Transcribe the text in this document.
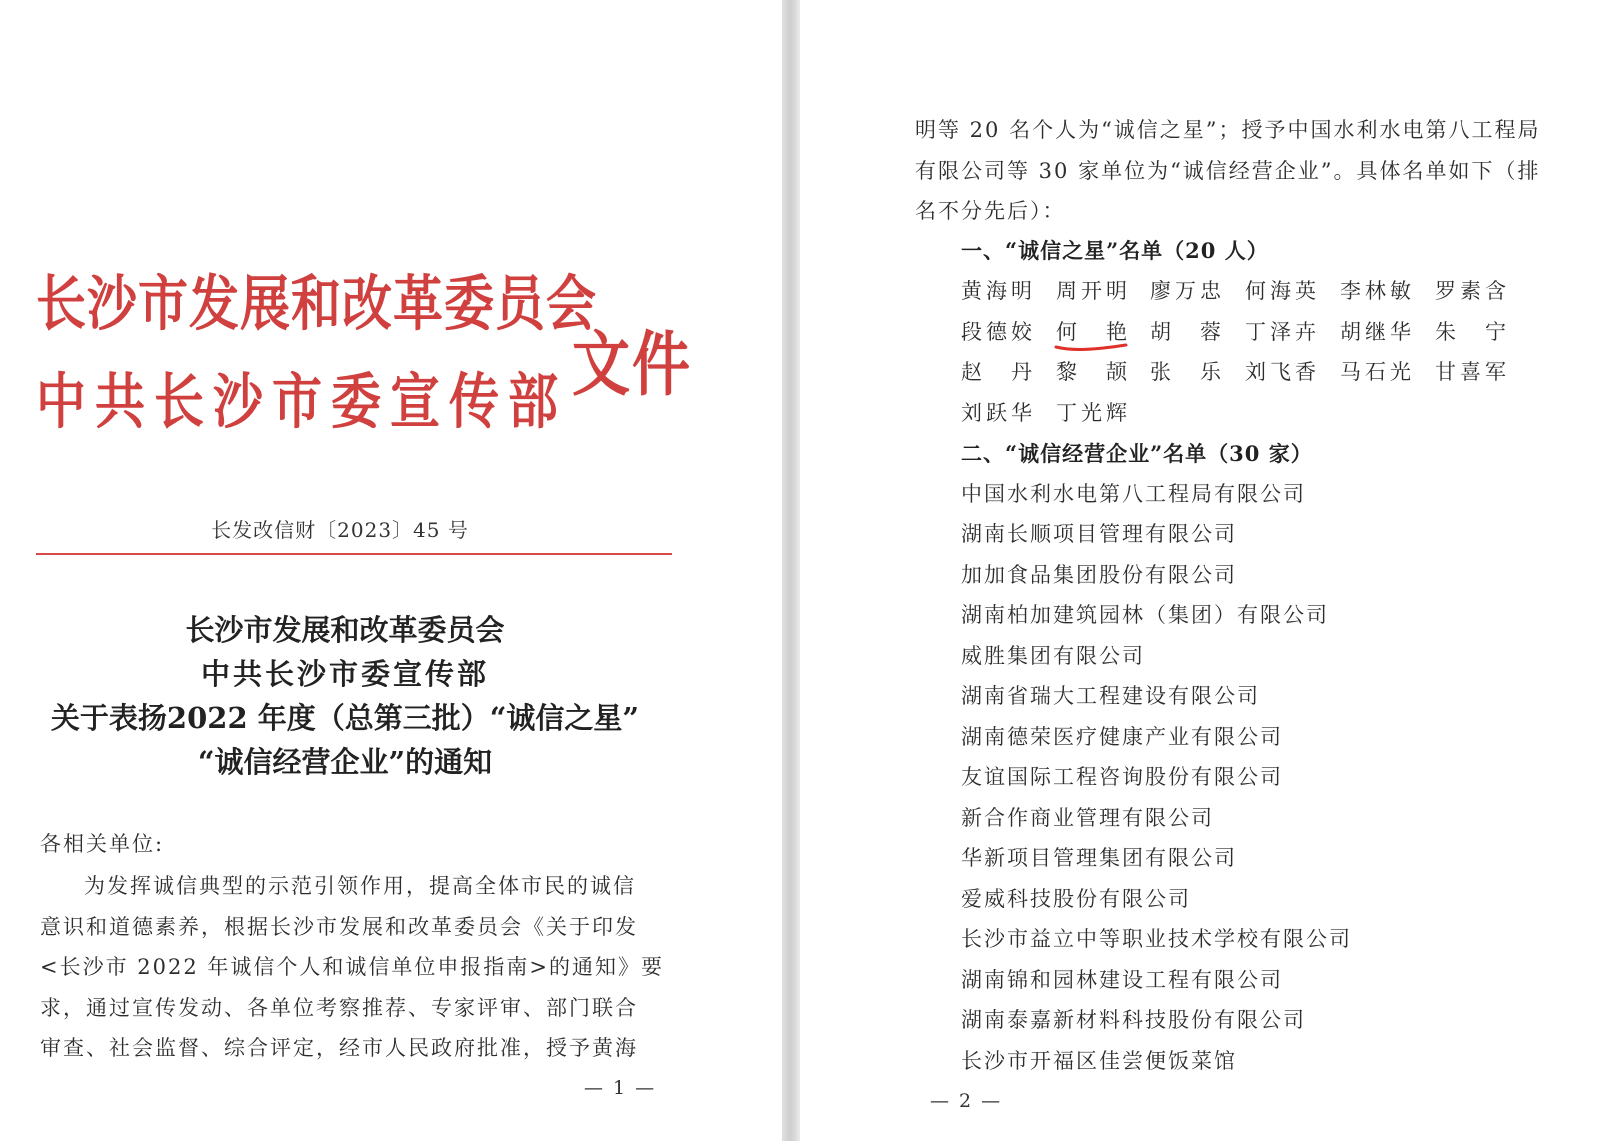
长沙市发展和改革委员会
中共长沙市委宣传部 文件
长发改信财〔2023〕45 号
长沙市发展和改革委员会
中共长沙市委宣传部
关于表扬2022 年度（总第三批）“诚信之星”
“诚信经营企业”的通知
各相关单位:
为发挥诚信典型的示范引领作用，提高全体市民的诚信
意识和道德素养，根据长沙市发展和改革委员会《关于印发
<长沙市 2022 年诚信个人和诚信单位申报指南>的通知》要
求，通过宣传发动、各单位考察推荐、专家评审、部门联合
审查、社会监督、综合评定，经市人民政府批准，授予黄海
— 1 —
明等 20 名个人为“诚信之星”；授予中国水利水电第八工程局
有限公司等 30 家单位为“诚信经营企业”。具体名单如下（排
名不分先后）：
一、“诚信之星”名单（20 人）
黄海明 周开明 廖万忠 何海英 李林敏 罗素含
段德姣 何　艳 胡　蓉 丁泽卉 胡继华 朱　宁
赵　丹 黎　颉 张　乐 刘飞香 马石光 甘喜军
刘跃华 丁光辉
二、“诚信经营企业”名单（30 家）
中国水利水电第八工程局有限公司
湖南长顺项目管理有限公司
加加食品集团股份有限公司
湖南柏加建筑园林（集团）有限公司
威胜集团有限公司
湖南省瑞大工程建设有限公司
湖南德荣医疗健康产业有限公司
友谊国际工程咨询股份有限公司
新合作商业管理有限公司
华新项目管理集团有限公司
爱威科技股份有限公司
长沙市益立中等职业技术学校有限公司
湖南锦和园林建设工程有限公司
湖南泰嘉新材料科技股份有限公司
长沙市开福区佳尝便饭菜馆
— 2 —
